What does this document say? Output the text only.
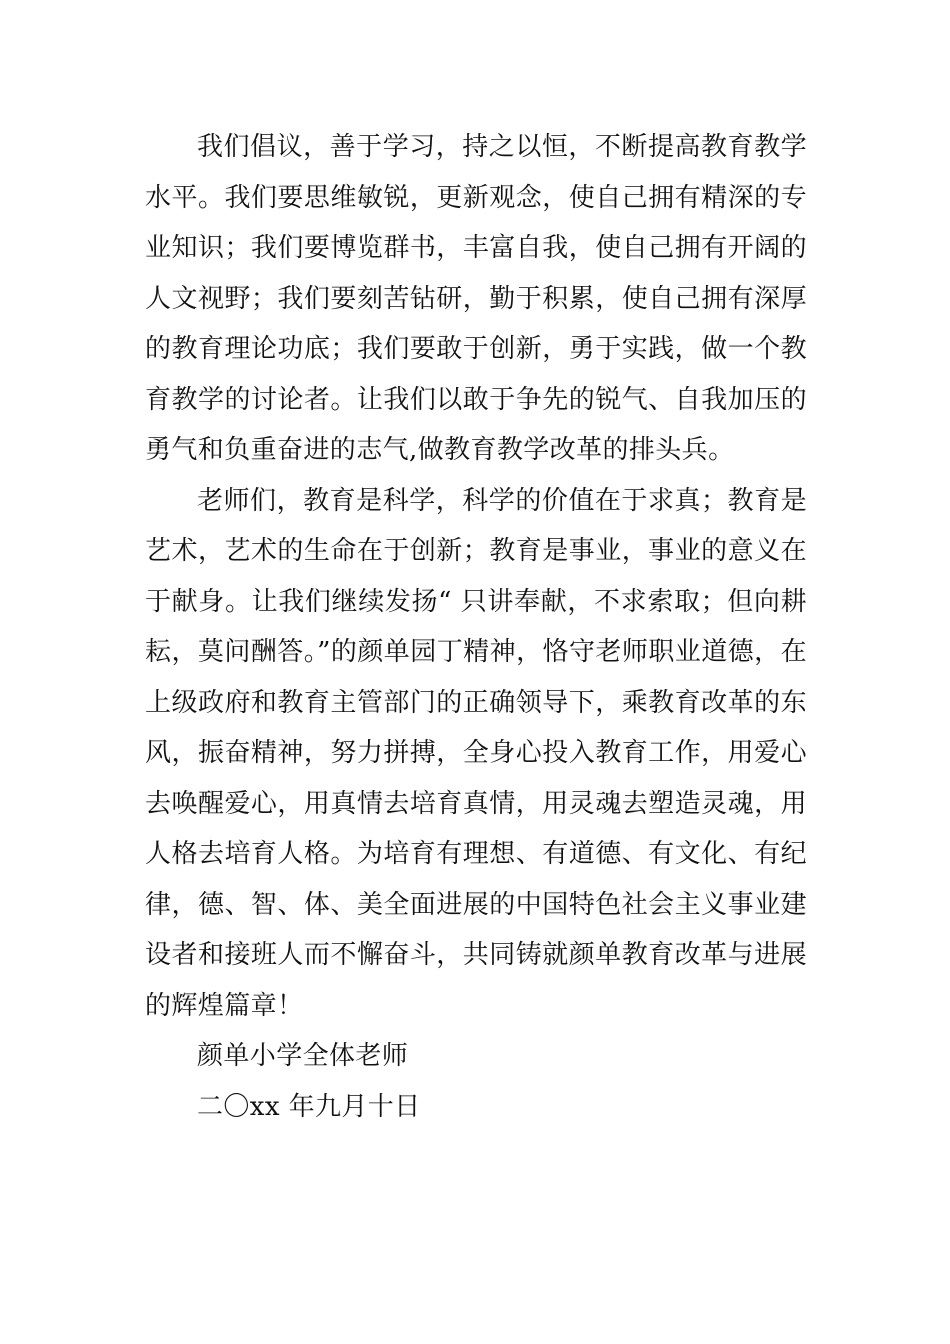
我们倡议，善于学习，持之以恒，不断提高教育教学水平。我们要思维敏锐，更新观念，使自己拥有精深的专业知识；我们要博览群书，丰富自我，使自己拥有开阔的人文视野；我们要刻苦钻研，勤于积累，使自己拥有深厚的教育理论功底；我们要敢于创新，勇于实践，做一个教育教学的讨论者。让我们以敢于争先的锐气、自我加压的勇气和负重奋进的志气,做教育教学改革的排头兵。

老师们，教育是科学，科学的价值在于求真；教育是艺术，艺术的生命在于创新；教育是事业，事业的意义在于献身。让我们继续发扬“ 只讲奉献，不求索取；但向耕耘，莫问酬答。”的颜单园丁精神，恪守老师职业道德，在上级政府和教育主管部门的正确领导下，乘教育改革的东风，振奋精神，努力拼搏，全身心投入教育工作，用爱心去唤醒爱心，用真情去培育真情，用灵魂去塑造灵魂，用人格去培育人格。为培育有理想、有道德、有文化、有纪律，德、智、体、美全面进展的中国特色社会主义事业建设者和接班人而不懈奋斗，共同铸就颜单教育改革与进展的辉煌篇章！

颜单小学全体老师

二〇xx 年九月十日
